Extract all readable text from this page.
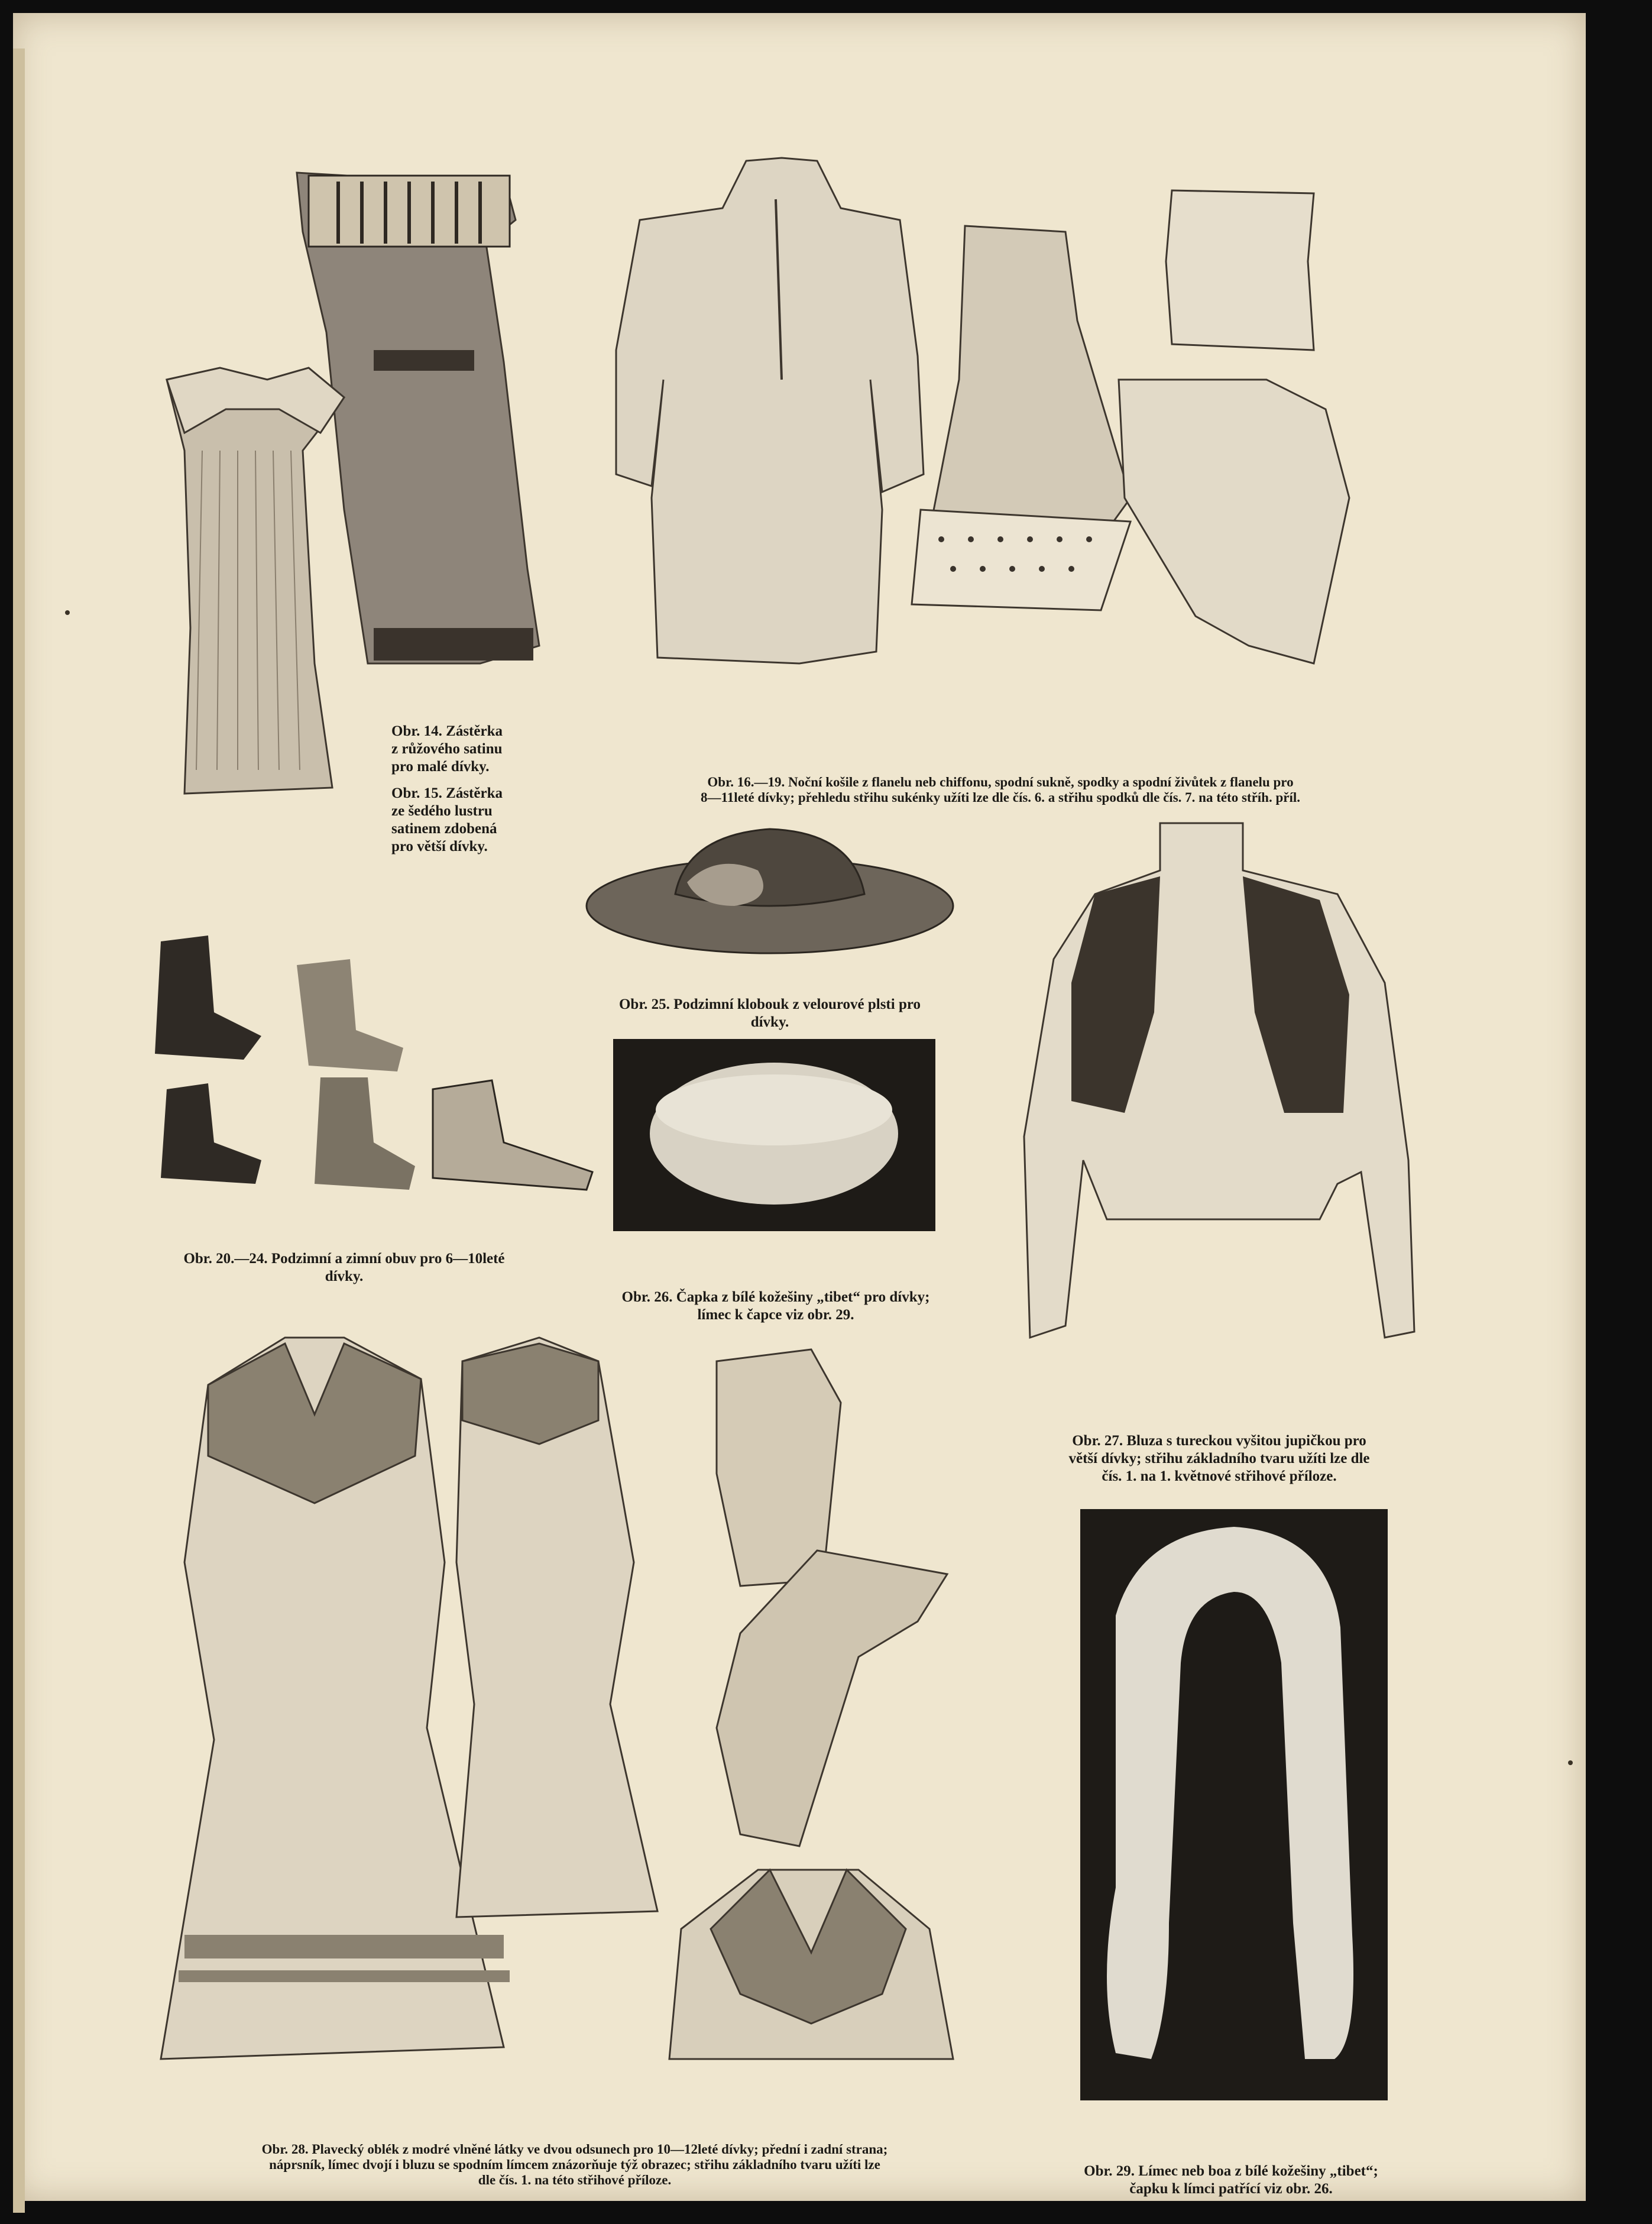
Obr. 14. Zástěrka
z růžového satinu
pro malé dívky.
Obr. 15. Zástěrka
ze šedého lustru
satinem zdobená
pro větší dívky.
Obr. 16.—19. Noční košile z flanelu neb chiffonu, spodní sukně, spodky a spodní živůtek z flanelu pro
8—11leté dívky; přehledu střihu sukénky užíti lze dle čís. 6. a střihu spodků dle čís. 7. na této stříh. příl.
Obr. 25. Podzimní klobouk z velourové plsti pro
dívky.
Obr. 20.—24. Podzimní a zimní obuv pro 6—10leté
dívky.
Obr. 26. Čapka z bílé kožešiny „tibet“ pro dívky;
límec k čapce viz obr. 29.
Obr. 27. Bluza s tureckou vyšitou jupičkou pro
větší dívky; střihu základního tvaru užíti lze dle
čís. 1. na 1. květnové střihové příloze.
Obr. 28. Plavecký oblék z modré vlněné látky ve dvou odsunech pro 10—12leté dívky; přední i zadní strana;
náprsník, límec dvojí i bluzu se spodním límcem znázorňuje týž obrazec; střihu základního tvaru užíti lze
dle čís. 1. na této střihové příloze.
Obr. 29. Límec neb boa z bílé kožešiny „tibet“;
čapku k límci patřící viz obr. 26.
